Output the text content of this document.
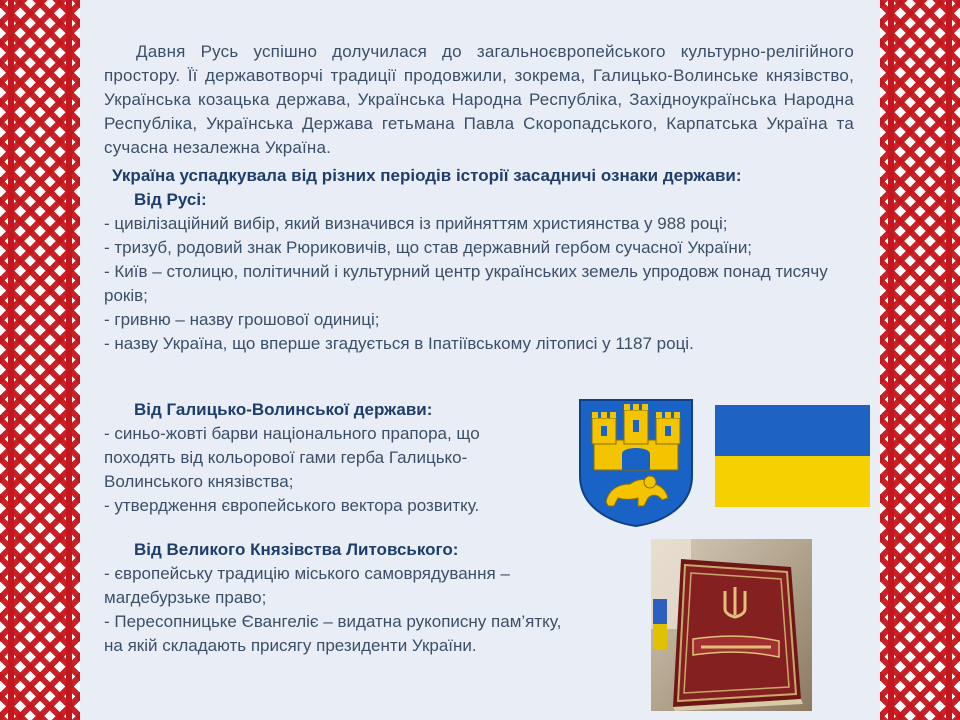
Давня Русь успішно долучилася до загальноєвропейського культурно-релігійного простору. Її державотворчі традиції продовжили, зокрема, Галицько-Волинське князівство, Українська козацька держава, Українська Народна Республіка, Західноукраїнська Народна Республіка, Українська Держава гетьмана Павла Скоропадського, Карпатська Україна та сучасна незалежна Україна.

Україна успадкувала від різних періодів історії засадничі ознаки держави:
Від Русі:
- цивілізаційний вибір, який визначився із прийняттям християнства у 988 році;
- тризуб, родовий знак Рюриковичів, що став державний гербом сучасної України;
- Київ – столицю, політичний і культурний центр українських земель упродовж понад тисячу років;
- гривню – назву грошової одиниці;
- назву Україна, що вперше згадується в Іпатіївському літописі у 1187 році.
Від Галицько-Волинської держави:
- синьо-жовті барви національного прапора, що походять від кольорової гами герба Галицько-Волинського князівства;
- утвердження європейського вектора розвитку.
Від Великого Князівства Литовського:
- європейську традицію міського самоврядування – магдебурзьке право;
- Пересопницьке Євангеліє – видатна рукописну пам’ятку, на якій складають присягу президенти України.
